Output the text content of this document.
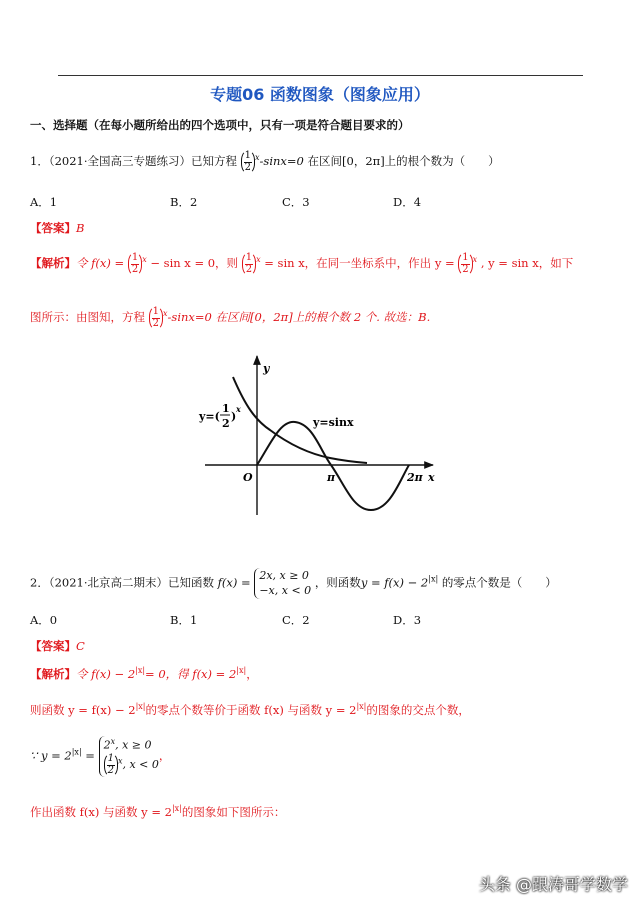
专题06 函数图象（图象应用）
一、选择题（在每小题所给出的四个选项中，只有一项是符合题目要求的）
1．（2021·全国高三专题练习）已知方程 $\frac{1}{2} ^x-\sin x=0$ 在区间[0，2π]上的根个数为（　　）
A．1	B．2	C．3	D．4
【答案】B
【解析】令 $f(x) = \frac{1}{2} ^x - \sin x = 0$，则 $\frac{1}{2} ^x = \sin x$，在同一坐标系中，作出 $y = \frac{1}{2} ^x$ , y = sin x，如下
图所示：由图知，方程 $\frac{1}{2} ^x-\sin x=0$ 在区间[0，2π]上的根个数 2 个. 故选：B.
y
x
O	π	2π
y=sinx
y=(
1
2
)
x
2．（2021·北京高二期末）已知函数 f(x) = 2x, x ≥ 0
−x, x < 0
，则函数$y = f(x) - 2^{|x|}$ 的零点个数是（　　）
A．0	B．1	C．2	D．3
【答案】C
【解析】令 $f(x) - 2^{|x|}= 0$，得 $f(x) = 2^{|x|}$，
则函数 $y = f(x) - 2^{|x|}$的零点个数等价于函数 f(x) 与函数 $y = 2^{|x|}$的图象的交点个数，
∵ $y = 2^{|x|}$ =
2$^x$, x ≥ 0
$\frac{1}{2} ^x$, x < 0
，
作出函数 f(x) 与函数 $y = 2^{|x|}$的图象如下图所示：
头条 @跟涛哥学数学
